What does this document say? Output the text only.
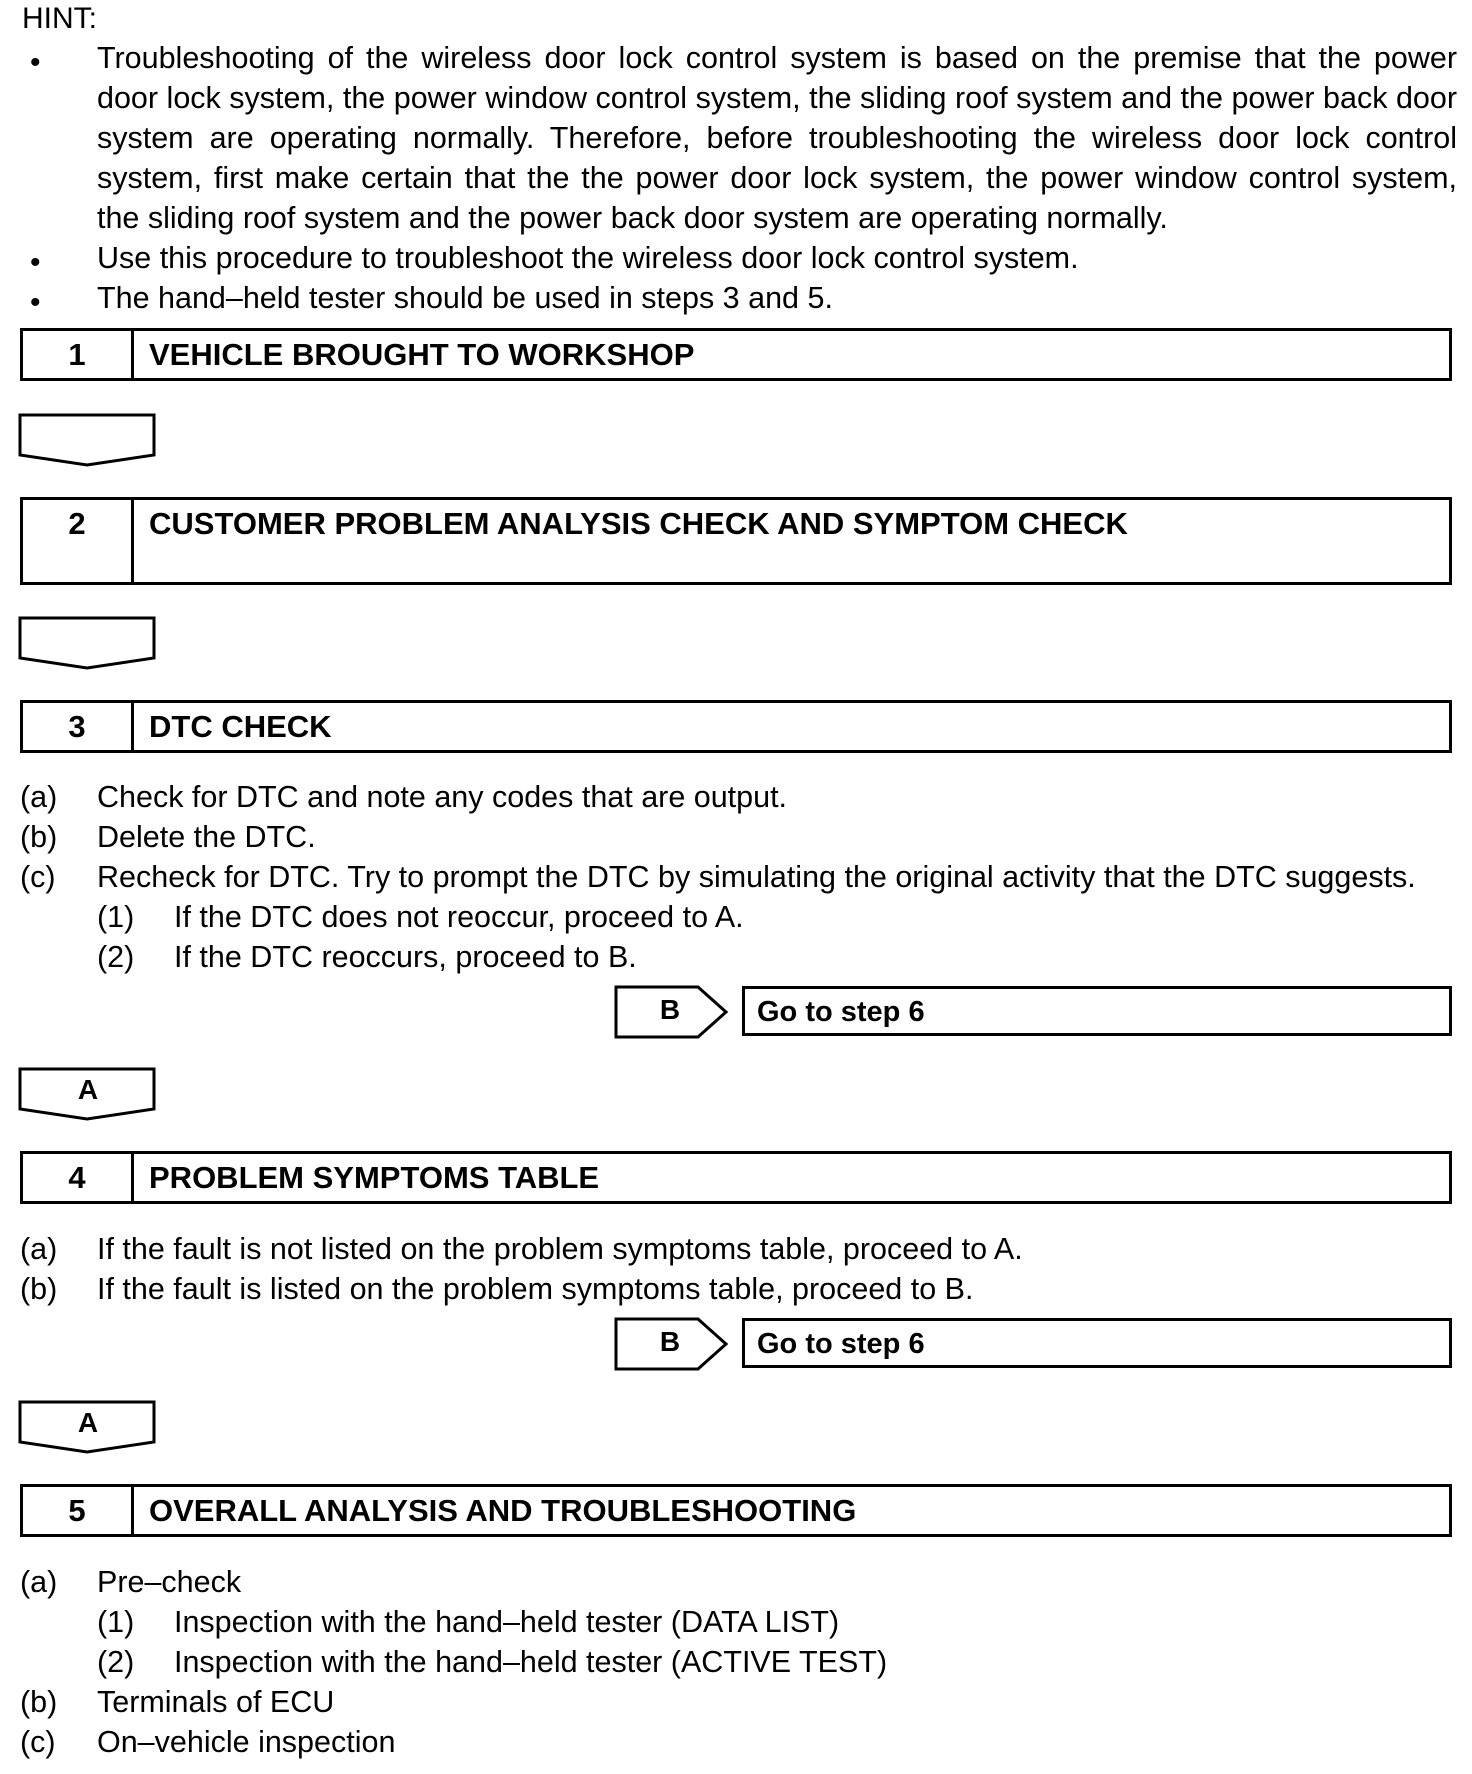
HINT:
• Troubleshooting of the wireless door lock control system is based on the premise that the power door lock system, the power window control system, the sliding roof system and the power back door system are operating normally. Therefore, before troubleshooting the wireless door lock control system, first make certain that the the power door lock system, the power window control system, the sliding roof system and the power back door system are operating normally.
• Use this procedure to troubleshoot the wireless door lock control system.
• The hand–held tester should be used in steps 3 and 5.
1	VEHICLE BROUGHT TO WORKSHOP
2	CUSTOMER PROBLEM ANALYSIS CHECK AND SYMPTOM CHECK
3	DTC CHECK
(a) Check for DTC and note any codes that are output.
(b) Delete the DTC.
(c) Recheck for DTC. Try to prompt the DTC by simulating the original activity that the DTC suggests.
(1) If the DTC does not reoccur, proceed to A.
(2) If the DTC reoccurs, proceed to B.
B	Go to step 6
A
4	PROBLEM SYMPTOMS TABLE
(a) If the fault is not listed on the problem symptoms table, proceed to A.
(b) If the fault is listed on the problem symptoms table, proceed to B.
B	Go to step 6
A
5	OVERALL ANALYSIS AND TROUBLESHOOTING
(a) Pre–check
(1) Inspection with the hand–held tester (DATA LIST)
(2) Inspection with the hand–held tester (ACTIVE TEST)
(b) Terminals of ECU
(c) On–vehicle inspection
